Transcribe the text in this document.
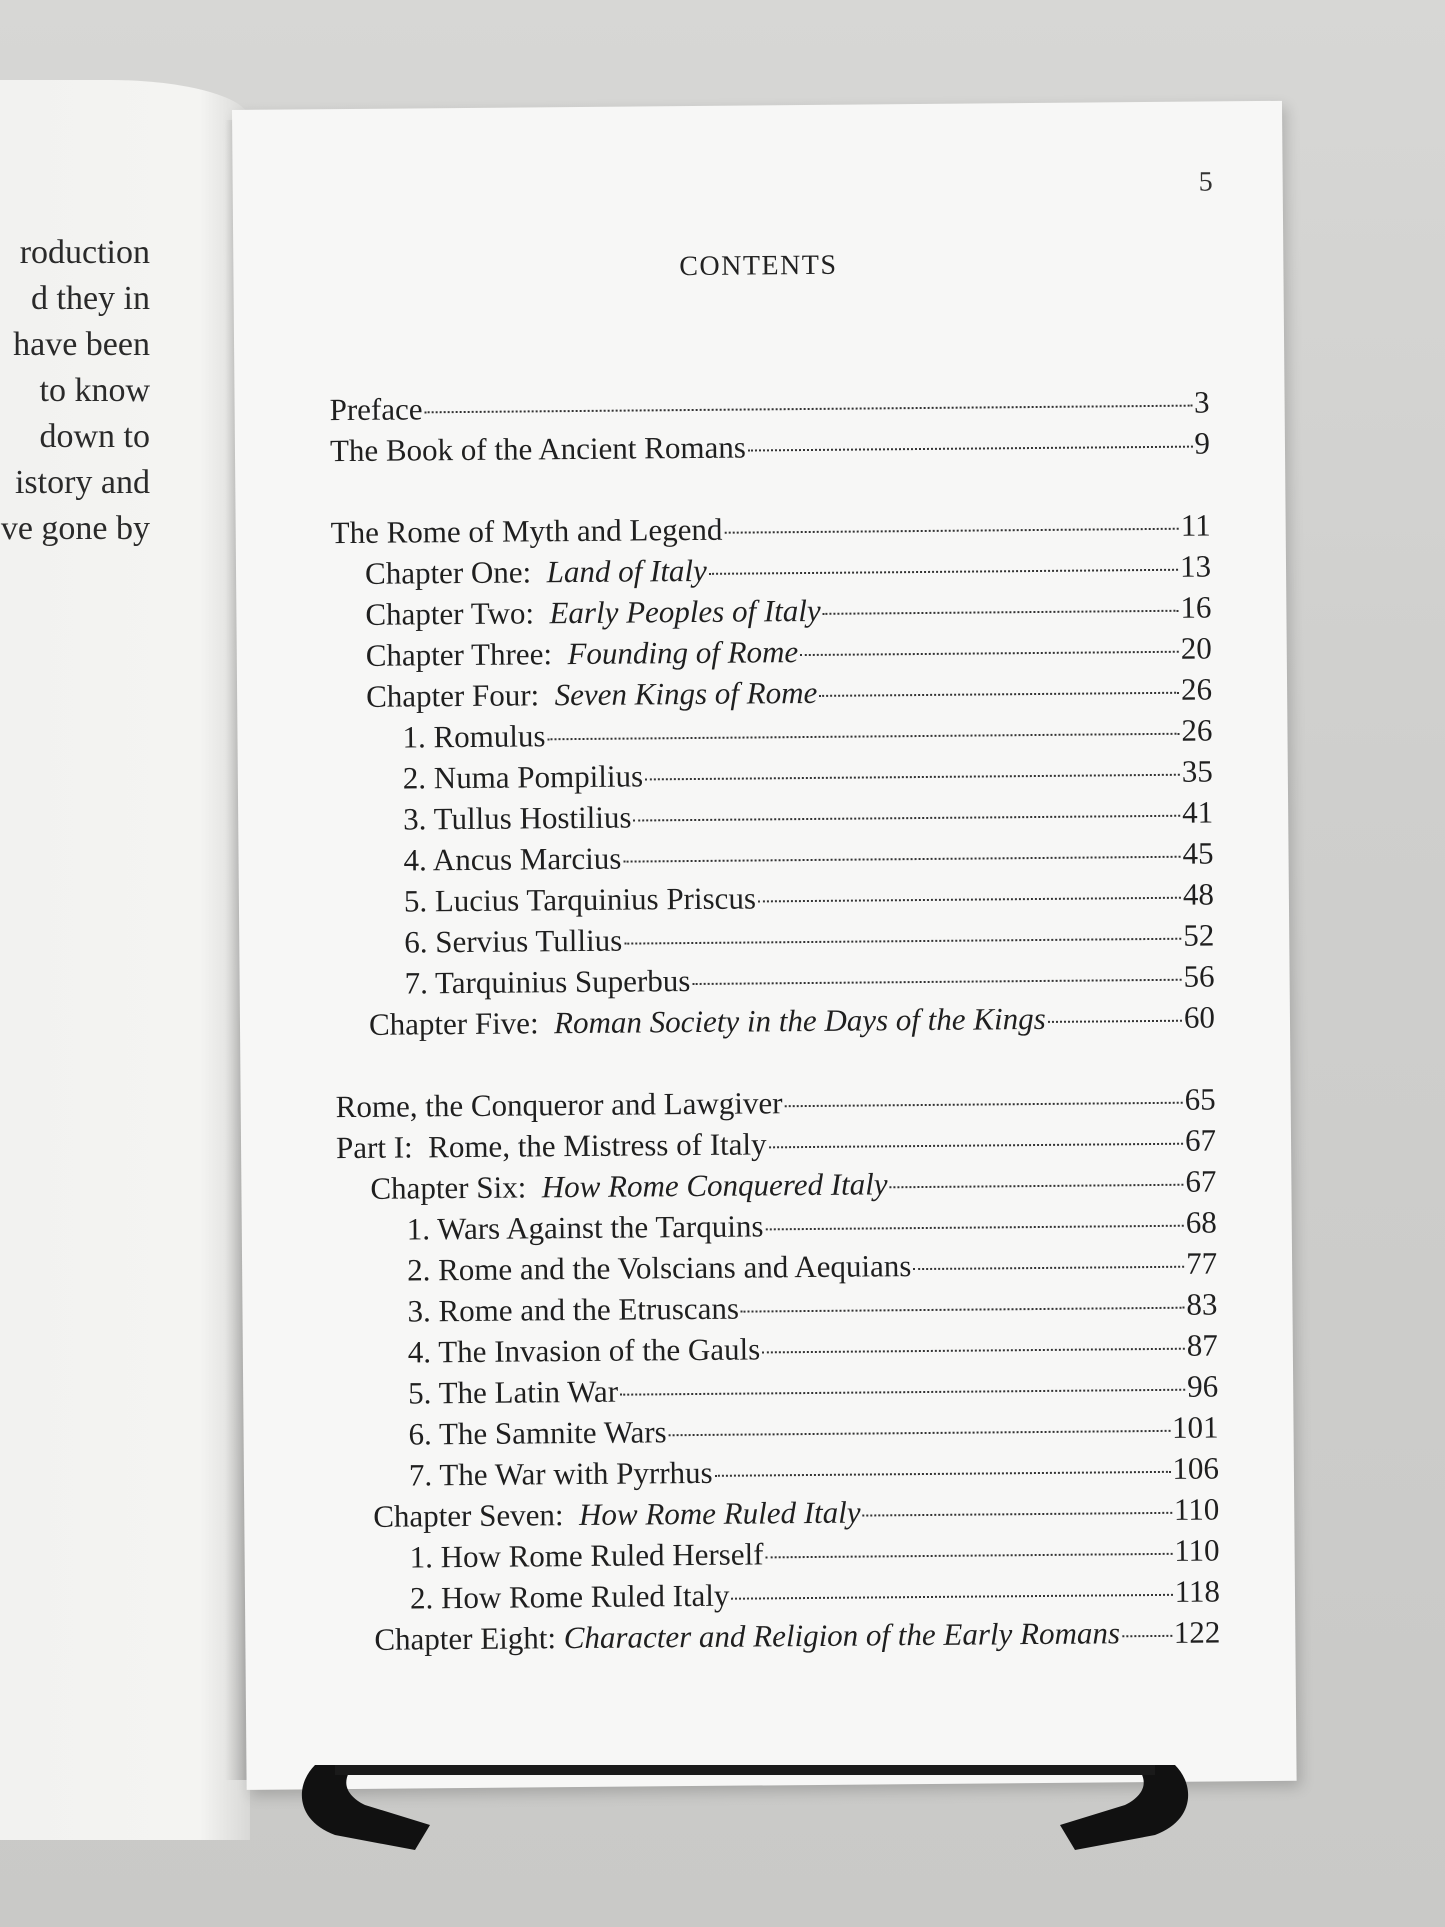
roduction
d they in
have been
to know
down to
istory and
ve gone by
5
CONTENTS
Preface	3
The Book of the Ancient Romans	9
The Rome of Myth and Legend	11
Chapter One:  Land of Italy	13
Chapter Two:  Early Peoples of Italy	16
Chapter Three:  Founding of Rome	20
Chapter Four:  Seven Kings of Rome	26
1. Romulus	26
2. Numa Pompilius	35
3. Tullus Hostilius	41
4. Ancus Marcius	45
5. Lucius Tarquinius Priscus	48
6. Servius Tullius	52
7. Tarquinius Superbus	56
Chapter Five:  Roman Society in the Days of the Kings	60
Rome, the Conqueror and Lawgiver	65
Part I:  Rome, the Mistress of Italy	67
Chapter Six:  How Rome Conquered Italy	67
1. Wars Against the Tarquins	68
2. Rome and the Volscians and Aequians	77
3. Rome and the Etruscans	83
4. The Invasion of the Gauls	87
5. The Latin War	96
6. The Samnite Wars	101
7. The War with Pyrrhus	106
Chapter Seven:  How Rome Ruled Italy	110
1. How Rome Ruled Herself	110
2. How Rome Ruled Italy	118
Chapter Eight: Character and Religion of the Early Romans 122
